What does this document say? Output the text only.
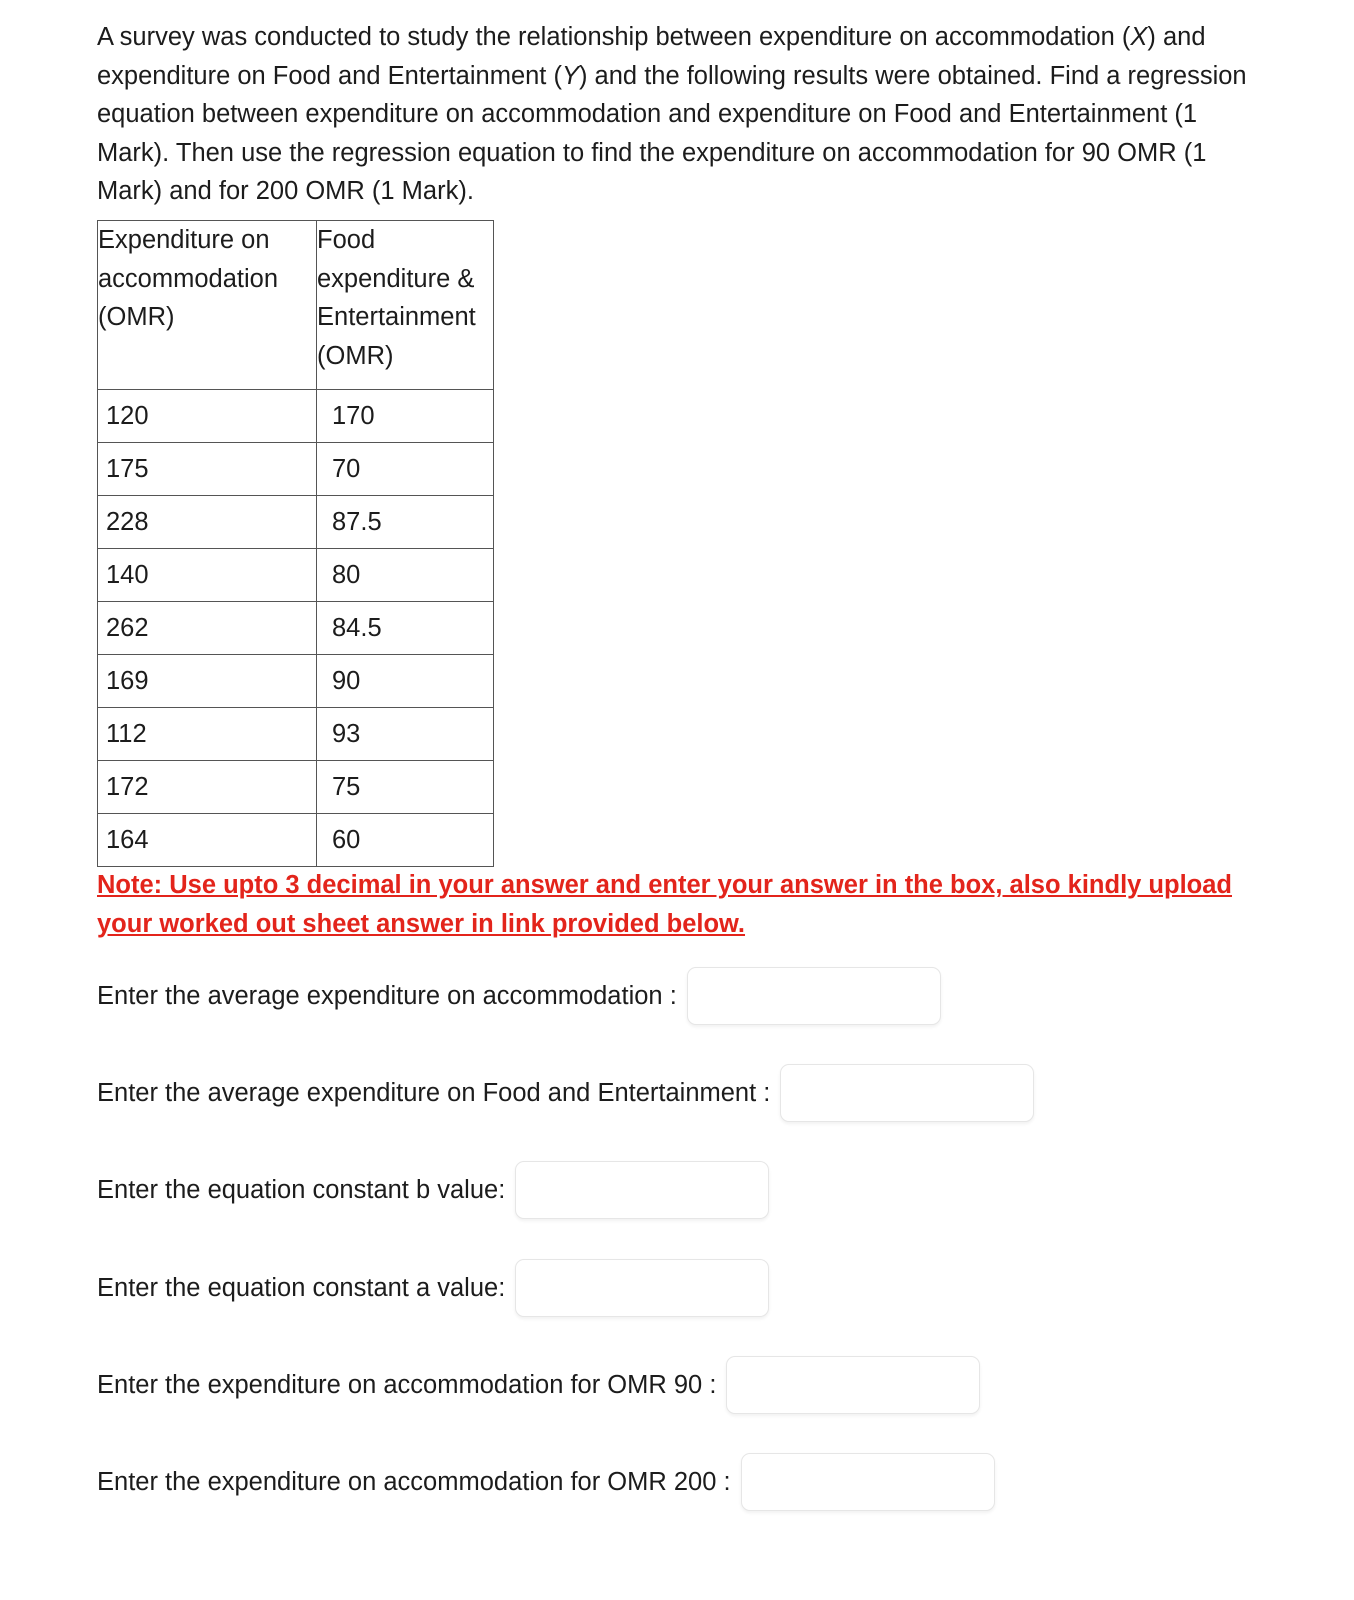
A survey was conducted to study the relationship between expenditure on accommodation (X) and expenditure on Food and Entertainment (Y) and the following results were obtained. Find a regression equation between expenditure on accommodation and expenditure on Food and Entertainment (1 Mark). Then use the regression equation to find the expenditure on accommodation for 90 OMR (1 Mark) and for 200 OMR (1 Mark).

Expenditure on accommodation (OMR)	Food expenditure & Entertainment (OMR)
120	170
175	70
228	87.5
140	80
262	84.5
169	90
112	93
172	75
164	60

Note: Use upto 3 decimal in your answer and enter your answer in the box, also kindly upload your worked out sheet answer in link provided below.

Enter the average expenditure on accommodation :
Enter the average expenditure on Food and Entertainment :
Enter the equation constant b value:
Enter the equation constant a value:
Enter the expenditure on accommodation for OMR 90 :
Enter the expenditure on accommodation for OMR 200 :
